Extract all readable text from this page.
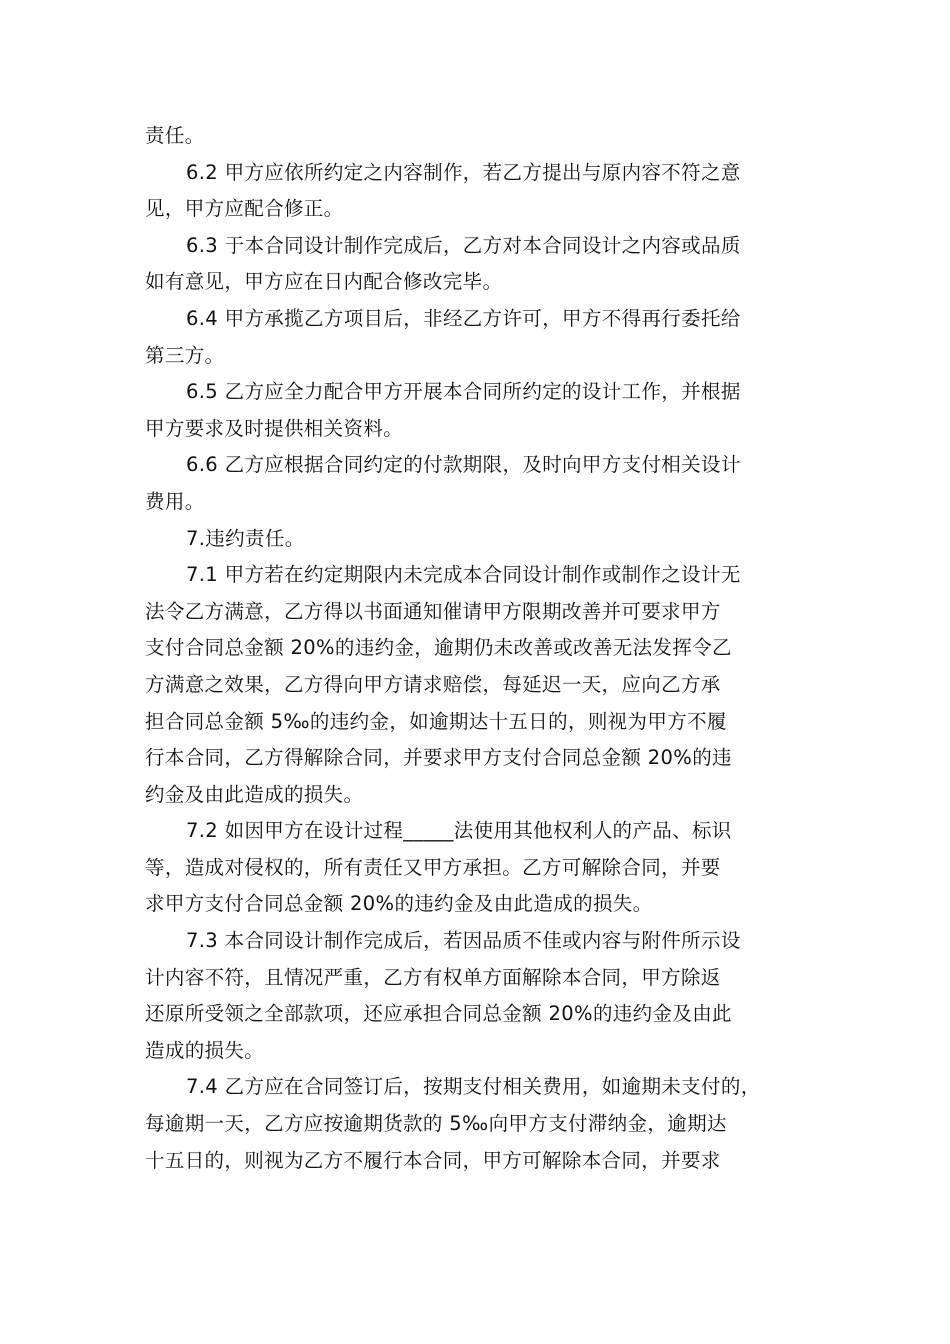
责任。
6.2 甲方应依所约定之内容制作，若乙方提出与原内容不符之意
见，甲方应配合修正。
6.3 于本合同设计制作完成后，乙方对本合同设计之内容或品质
如有意见，甲方应在日内配合修改完毕。
6.4 甲方承揽乙方项目后，非经乙方许可，甲方不得再行委托给
第三方。
6.5 乙方应全力配合甲方开展本合同所约定的设计工作，并根据
甲方要求及时提供相关资料。
6.6 乙方应根据合同约定的付款期限，及时向甲方支付相关设计
费用。
7.违约责任。
7.1 甲方若在约定期限内未完成本合同设计制作或制作之设计无
法令乙方满意，乙方得以书面通知催请甲方限期改善并可要求甲方
支付合同总金额 20%的违约金，逾期仍未改善或改善无法发挥令乙
方满意之效果，乙方得向甲方请求赔偿，每延迟一天，应向乙方承
担合同总金额 5‰的违约金，如逾期达十五日的，则视为甲方不履
行本合同，乙方得解除合同，并要求甲方支付合同总金额 20%的违
约金及由此造成的损失。
7.2 如因甲方在设计过程_____法使用其他权利人的产品、标识
等，造成对侵权的，所有责任又甲方承担。乙方可解除合同，并要
求甲方支付合同总金额 20%的违约金及由此造成的损失。
7.3 本合同设计制作完成后，若因品质不佳或内容与附件所示设
计内容不符，且情况严重，乙方有权单方面解除本合同，甲方除返
还原所受领之全部款项，还应承担合同总金额 20%的违约金及由此
造成的损失。
7.4 乙方应在合同签订后，按期支付相关费用，如逾期未支付的，
每逾期一天，乙方应按逾期货款的 5‰向甲方支付滞纳金，逾期达
十五日的，则视为乙方不履行本合同，甲方可解除本合同，并要求
